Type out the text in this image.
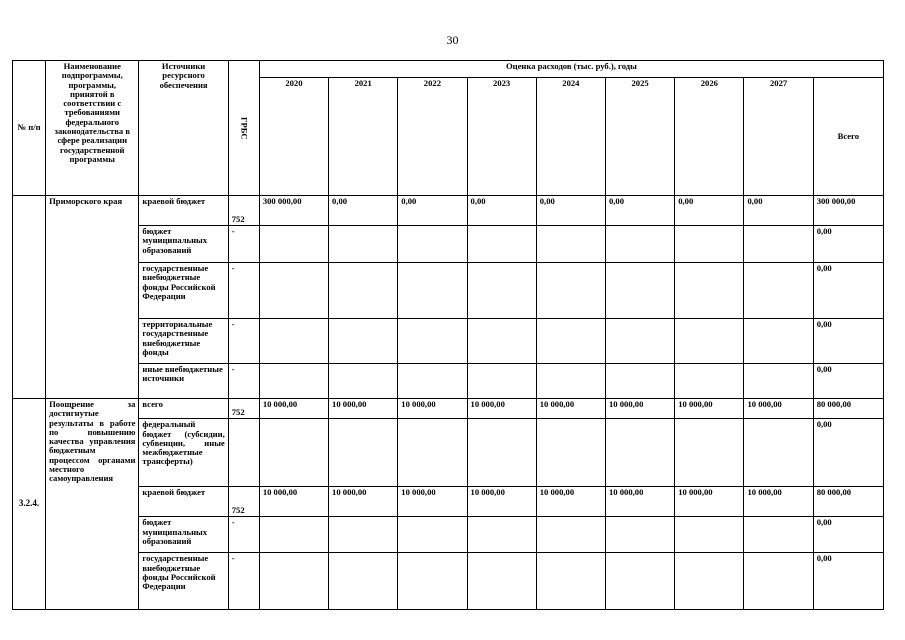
30
№ п/п	Наименование подпрограммы, программы, принятой в соответствии с требованиями федерального законодательства в сфере реализации государственной программы	Источники ресурсного обеспечения	ГРБС	Оценка расходов (тыс. руб.), годы								
				2020	2021	2022	2023	2024	2025	2026	2027	Всего
	Приморского края	краевой бюджет	752	300 000,00	0,00	0,00	0,00	0,00	0,00	0,00	0,00	300 000,00
		бюджет муниципальных образований	-									0,00
		государственные внебюджетные фонды Российской Федерации	-									0,00
		территориальные государственные внебюджетные фонды	-									0,00
		иные внебюджетные источники	-									0,00
3.2.4.	Поощрение за достигнутые результаты в работе по повышению качества управления бюджетным процессом органами местного самоуправления	всего	752	10 000,00	10 000,00	10 000,00	10 000,00	10 000,00	10 000,00	10 000,00	10 000,00	80 000,00
		федеральный бюджет (субсидии, субвенции, иные межбюджетные трансферты)										0,00
		краевой бюджет	752	10 000,00	10 000,00	10 000,00	10 000,00	10 000,00	10 000,00	10 000,00	10 000,00	80 000,00
		бюджет муниципальных образований	-									0,00
		государственные внебюджетные фонды Российской Федерации	-									0,00
